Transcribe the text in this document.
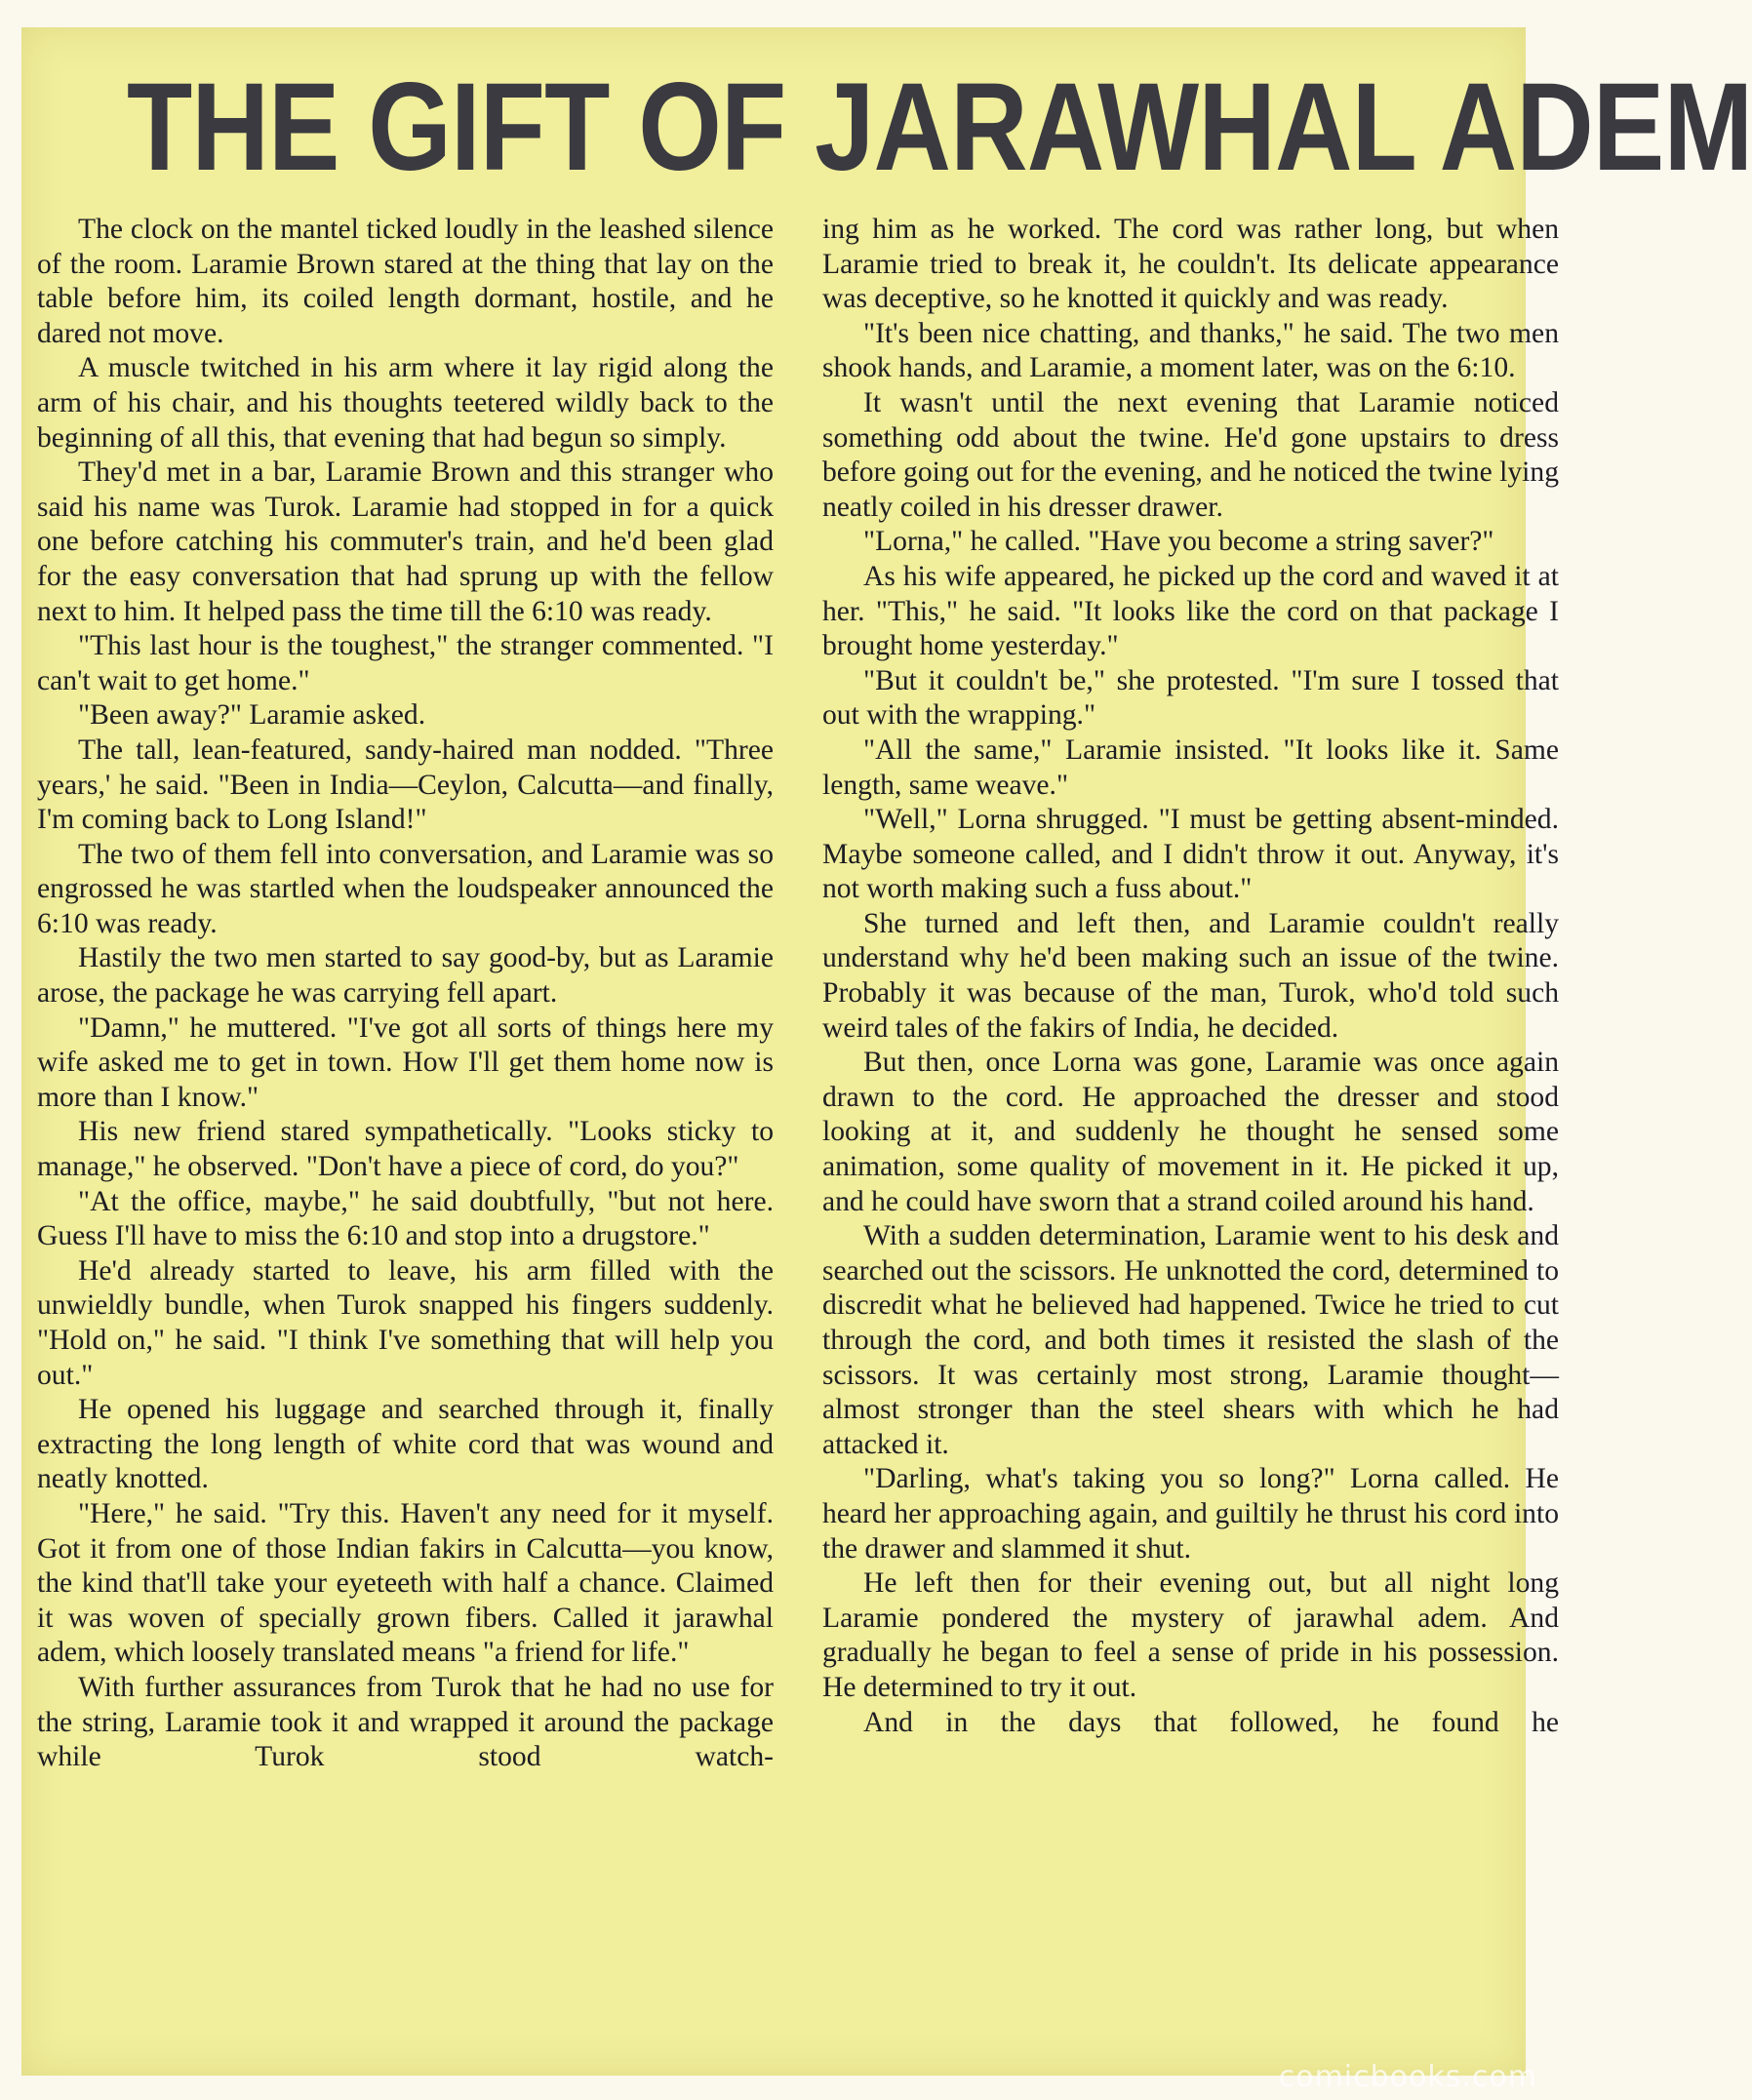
THE GIFT OF JARAWHAL ADEM

The clock on the mantel ticked loudly in the leashed silence of the room. Laramie Brown stared at the thing that lay on the table before him, its coiled length dormant, hostile, and he dared not move.

A muscle twitched in his arm where it lay rigid along the arm of his chair, and his thoughts teetered wildly back to the beginning of all this, that evening that had begun so simply.

They'd met in a bar, Laramie Brown and this stranger who said his name was Turok. Laramie had stopped in for a quick one before catching his commuter's train, and he'd been glad for the easy conversation that had sprung up with the fellow next to him. It helped pass the time till the 6:10 was ready.

"This last hour is the toughest," the stranger commented. "I can't wait to get home."

"Been away?" Laramie asked.

The tall, lean-featured, sandy-haired man nodded. "Three years,' he said. "Been in India—Ceylon, Calcutta—and finally, I'm coming back to Long Island!"

The two of them fell into conversation, and Laramie was so engrossed he was startled when the loudspeaker announced the 6:10 was ready.

Hastily the two men started to say good-by, but as Laramie arose, the package he was carrying fell apart.

"Damn," he muttered. "I've got all sorts of things here my wife asked me to get in town. How I'll get them home now is more than I know."

His new friend stared sympathetically. "Looks sticky to manage," he observed. "Don't have a piece of cord, do you?"

"At the office, maybe," he said doubtfully, "but not here. Guess I'll have to miss the 6:10 and stop into a drugstore."

He'd already started to leave, his arm filled with the unwieldly bundle, when Turok snapped his fingers suddenly. "Hold on," he said. "I think I've something that will help you out."

He opened his luggage and searched through it, finally extracting the long length of white cord that was wound and neatly knotted.

"Here," he said. "Try this. Haven't any need for it myself. Got it from one of those Indian fakirs in Calcutta—you know, the kind that'll take your eyeteeth with half a chance. Claimed it was woven of specially grown fibers. Called it jarawhal adem, which loosely translated means "a friend for life."

With further assurances from Turok that he had no use for the string, Laramie took it and wrapped it around the package while Turok stood watch-

ing him as he worked. The cord was rather long, but when Laramie tried to break it, he couldn't. Its delicate appearance was deceptive, so he knotted it quickly and was ready.

"It's been nice chatting, and thanks," he said. The two men shook hands, and Laramie, a moment later, was on the 6:10.

It wasn't until the next evening that Laramie noticed something odd about the twine. He'd gone upstairs to dress before going out for the evening, and he noticed the twine lying neatly coiled in his dresser drawer.

"Lorna," he called. "Have you become a string saver?"

As his wife appeared, he picked up the cord and waved it at her. "This," he said. "It looks like the cord on that package I brought home yesterday."

"But it couldn't be," she protested. "I'm sure I tossed that out with the wrapping."

"All the same," Laramie insisted. "It looks like it. Same length, same weave."

"Well," Lorna shrugged. "I must be getting absent-minded. Maybe someone called, and I didn't throw it out. Anyway, it's not worth making such a fuss about."

She turned and left then, and Laramie couldn't really understand why he'd been making such an issue of the twine. Probably it was because of the man, Turok, who'd told such weird tales of the fakirs of India, he decided.

But then, once Lorna was gone, Laramie was once again drawn to the cord. He approached the dresser and stood looking at it, and suddenly he thought he sensed some animation, some quality of movement in it. He picked it up, and he could have sworn that a strand coiled around his hand.

With a sudden determination, Laramie went to his desk and searched out the scissors. He unknotted the cord, determined to discredit what he believed had happened. Twice he tried to cut through the cord, and both times it resisted the slash of the scissors. It was certainly most strong, Laramie thought—almost stronger than the steel shears with which he had attacked it.

"Darling, what's taking you so long?" Lorna called. He heard her approaching again, and guiltily he thrust his cord into the drawer and slammed it shut.

He left then for their evening out, but all night long Laramie pondered the mystery of jarawhal adem. And gradually he began to feel a sense of pride in his possession. He determined to try it out.

And in the days that followed, he found he

comicbooks.com
